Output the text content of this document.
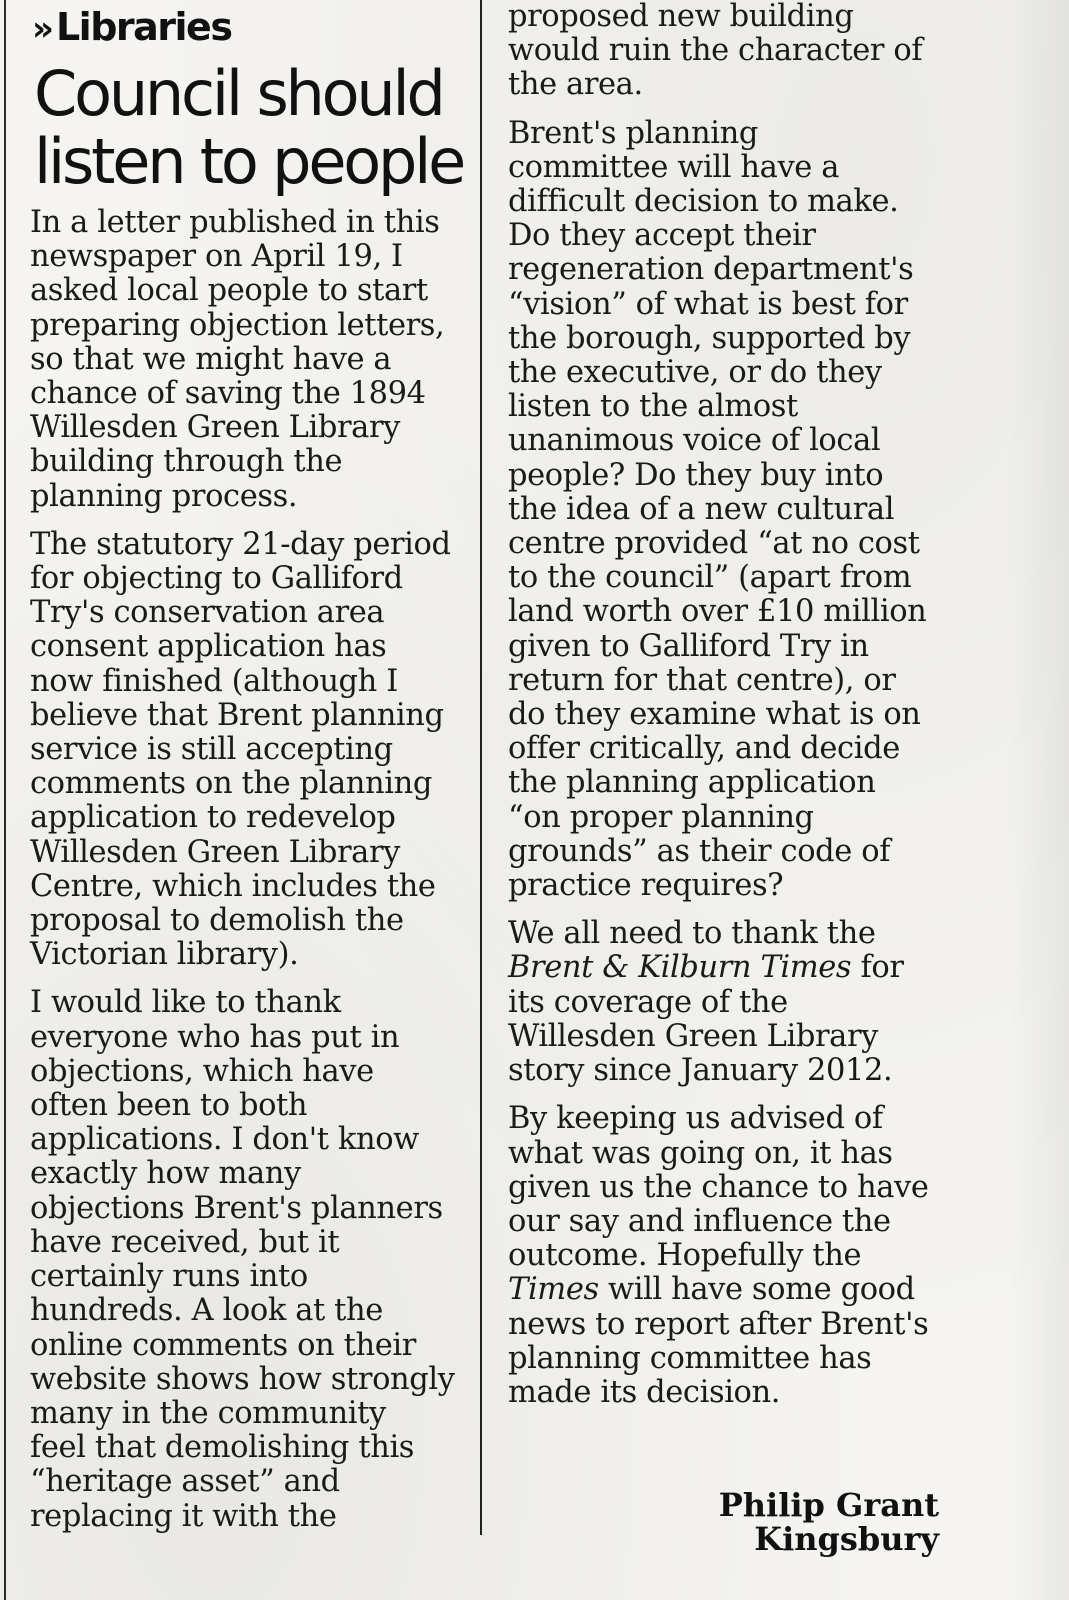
» Libraries
Council should
listen to people
In a letter published in this
newspaper on April 19, I
asked local people to start
preparing objection letters,
so that we might have a
chance of saving the 1894
Willesden Green Library
building through the
planning process.
The statutory 21-day period
for objecting to Galliford
Try's conservation area
consent application has
now finished (although I
believe that Brent planning
service is still accepting
comments on the planning
application to redevelop
Willesden Green Library
Centre, which includes the
proposal to demolish the
Victorian library).
I would like to thank
everyone who has put in
objections, which have
often been to both
applications. I don't know
exactly how many
objections Brent's planners
have received, but it
certainly runs into
hundreds. A look at the
online comments on their
website shows how strongly
many in the community
feel that demolishing this
“heritage asset” and
replacing it with the
proposed new building
would ruin the character of
the area.
Brent's planning
committee will have a
difficult decision to make.
Do they accept their
regeneration department's
“vision” of what is best for
the borough, supported by
the executive, or do they
listen to the almost
unanimous voice of local
people? Do they buy into
the idea of a new cultural
centre provided “at no cost
to the council” (apart from
land worth over £10 million
given to Galliford Try in
return for that centre), or
do they examine what is on
offer critically, and decide
the planning application
“on proper planning
grounds” as their code of
practice requires?
We all need to thank the
Brent & Kilburn Times for
its coverage of the
Willesden Green Library
story since January 2012.
By keeping us advised of
what was going on, it has
given us the chance to have
our say and influence the
outcome. Hopefully the
Times will have some good
news to report after Brent's
planning committee has
made its decision.
Philip Grant
Kingsbury
